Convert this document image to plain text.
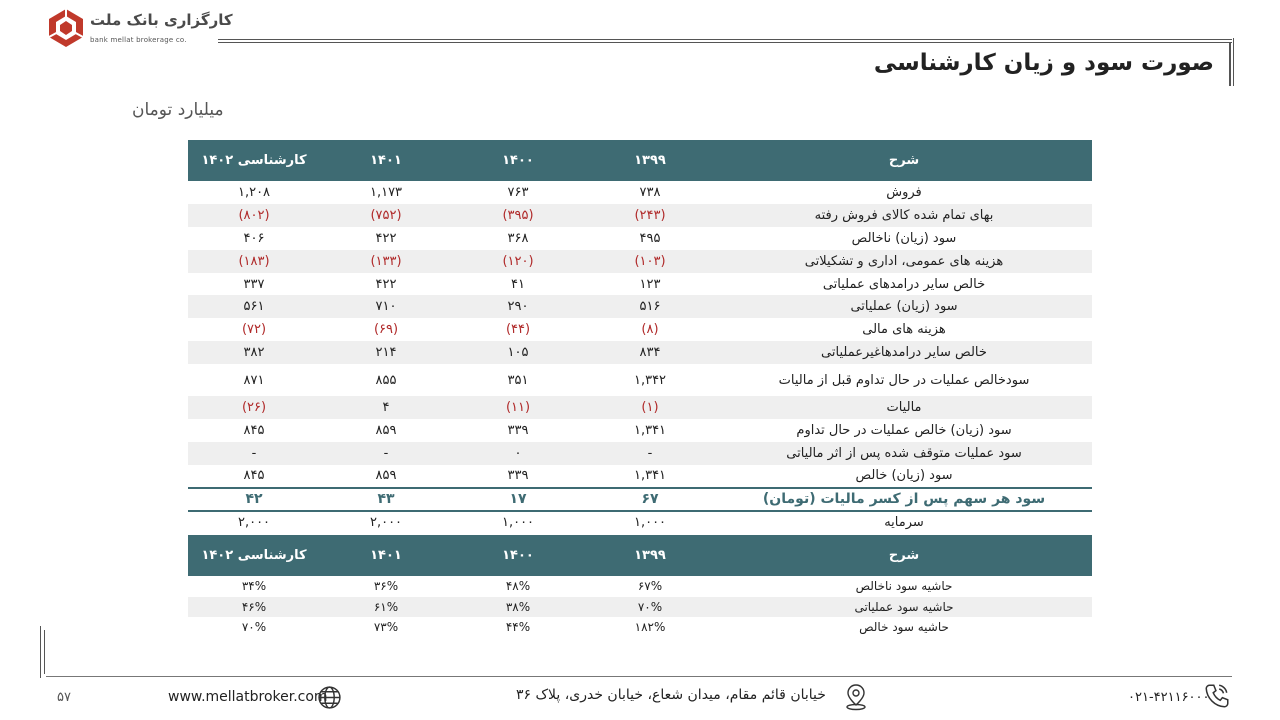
کارگزاری بانک ملت
bank mellat brokerage co.
صورت سود و زیان کارشناسی
میلیارد تومان
کارشناسی ۱۴۰۲	۱۴۰۱	۱۴۰۰	۱۳۹۹	شرح
۱,۲۰۸	۱,۱۷۳	۷۶۳	۷۳۸	فروش
(۸۰۲)	(۷۵۲)	(۳۹۵)	(۲۴۳)	بهای تمام شده کالای فروش رفته
۴۰۶	۴۲۲	۳۶۸	۴۹۵	سود (زیان) ناخالص
(۱۸۳)	(۱۳۳)	(۱۲۰)	(۱۰۳)	هزینه های عمومی، اداری و تشکیلاتی
۳۳۷	۴۲۲	۴۱	۱۲۳	خالص سایر درامدهای عملیاتی
۵۶۱	۷۱۰	۲۹۰	۵۱۶	سود (زیان) عملیاتی
(۷۲)	(۶۹)	(۴۴)	(۸)	هزینه های مالی
۳۸۲	۲۱۴	۱۰۵	۸۳۴	خالص سایر درامدهاغیرعملیاتی
۸۷۱	۸۵۵	۳۵۱	۱,۳۴۲	سودخالص عملیات در حال تداوم قبل از مالیات
(۲۶)	۴	(۱۱)	(۱)	مالیات
۸۴۵	۸۵۹	۳۳۹	۱,۳۴۱	سود (زیان) خالص عملیات در حال تداوم
-	-	۰	-	سود عملیات متوقف شده پس از اثر مالیاتی
۸۴۵	۸۵۹	۳۳۹	۱,۳۴۱	سود (زیان) خالص
۴۲	۴۳	۱۷	۶۷	سود هر سهم پس از کسر مالیات (تومان)
۲,۰۰۰	۲,۰۰۰	۱,۰۰۰	۱,۰۰۰	سرمایه
کارشناسی ۱۴۰۲	۱۴۰۱	۱۴۰۰	۱۳۹۹	شرح
۳۴%	۳۶%	۴۸%	۶۷%	حاشیه سود ناخالص
۴۶%	۶۱%	۳۸%	۷۰%	حاشیه سود عملیاتی
۷۰%	۷۳%	۴۴%	۱۸۲%	حاشیه سود خالص
۵۷	www.mellatbroker.com	خیابان قائم مقام، میدان شعاع، خیابان خدری، پلاک ۳۶	۰۲۱-۴۲۱۱۶۰۰۰
